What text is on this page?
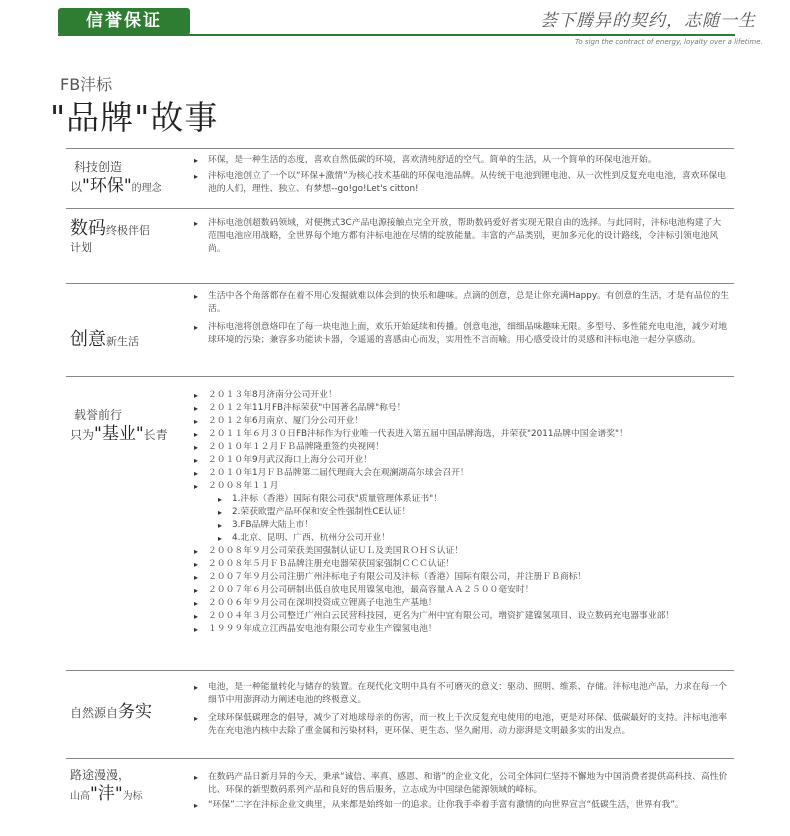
信誉保证	荟下腾异的契约，志随一生
To sign the contract of energy, loyalty over a lifetime.
FB沣标
"品牌"故事
科技创造
以"环保"的理念
▸ 环保，是一种生活的态度，喜欢自然低碳的环境，喜欢清纯舒适的空气。简单的生活，从一个简单的环保电池开始。
▸ 沣标电池创立了一个以“环保+激情”为核心技术基础的环保电池品牌。从传统干电池到锂电池、从一次性到反复充电电池，喜欢环保电池的人们，理性、独立、有梦想--go!go!Let's citton!
数码终极伴侣
计划
▸ 沣标电池创超数码领域，对便携式3C产品电源接触点完全开放，帮助数码爱好者实现无限自由的选择。与此同时，沣标电池构建了大范围电池应用战略，全世界每个地方都有沣标电池在尽情的绽放能量。丰富的产品类别，更加多元化的设计路线，令沣标引领电池风尚。
创意新生活
▸ 生活中各个角落都存在着不用心发掘就难以体会到的快乐和趣味。点滴的创意，总是让你充满Happy。有创意的生活，才是有品位的生活。
▸ 沣标电池将创意烙印在了每一块电池上面，欢乐开始延续和传播。创意电池，细细品味趣味无限。多型号、多性能充电电池，减少对地球环境的污染；兼容多功能读卡器，令遥遥的喜感由心而发，实用性不言而喻。用心感受设计的灵感和沣标电池一起分享感动。
载誉前行
只为"基业"长青
▸ ２０１３年8月济南分公司开业！
▸ ２０１２年11月FB沣标荣获"中国著名品牌"称号！
▸ ２０１２年6月南京、厦门分公司开业！
▸ ２０１１年６月３０日FB沣标作为行业唯一代表进入第五届中国品牌海选，并荣获"2011品牌中国金谱奖"！
▸ ２０１０年１２月ＦＢ品牌隆重签约央视网！
▸ ２０１０年9月武汉海口上海分公司开业！
▸ ２０１０年1月ＦＢ品牌第二届代理商大会在观澜湖高尔球会召开！
▸ ２００８年１１月
▸ 1.沣标（香港）国际有限公司获"质量管理体系证书"！
▸ 2.荣获欧盟产品环保和安全性强制性CE认证！
▸ 3.FB品牌大陆上市！
▸ 4.北京、昆明、广西、杭州分公司开业！
▸ ２００８年９月公司荣获美国强制认证ＵＬ及美国ＲＯＨＳ认证！
▸ ２００８年５月ＦＢ品牌注册充电器荣获国家强制ＣＣＣ认证！
▸ ２００７年９月公司注册广州沣标电子有限公司及沣标（香港）国际有限公司，并注册ＦＢ商标！
▸ ２００７年６月公司研制出低自放电民用镍氢电池，最高容量ＡＡ２５００毫安时！
▸ ２００６年９月公司在深圳投资成立锂离子电池生产基地！
▸ ２００４年３月公司整迁广州白云民营科技园，更名为广州中宜有限公司，增资扩建镍氢项目、设立数码充电器事业部！
▸ １９９９年成立江西晶安电池有限公司专业生产镍氢电池！
自然源自务实
▸ 电池，是一种能量转化与储存的装置。在现代化文明中具有不可磨灭的意义：驱动、照明、维系、存储。沣标电池产品，力求在每一个细节中用澎湃动力阐述电池的终极意义。
▸ 全球环保低碳理念的倡导，减少了对地球母亲的伤害，而一枚上千次反复充电使用的电池，更是对环保、低碳最好的支持。沣标电池率先在充电池内核中去除了重金属和污染材料，更环保、更生态、坚久耐用、动力澎湃是文明最多实的出发点。
路途漫漫，
山高"沣"为标
▸ 在数码产品日新月异的今天，秉承“诚信、率真、感恩、和谐”的企业文化，公司全体同仁坚持不懈地为中国消费者提供高科技、高性价比、环保的新型数码系列产品和良好的售后服务，立志成为中国绿色能源领域的峰标。
▸ “环保”二字在沣标企业文典里，从来都是始终如一的追求。让你我手牵着手富有激情的向世界宣言“低碳生活，世界有我”。
